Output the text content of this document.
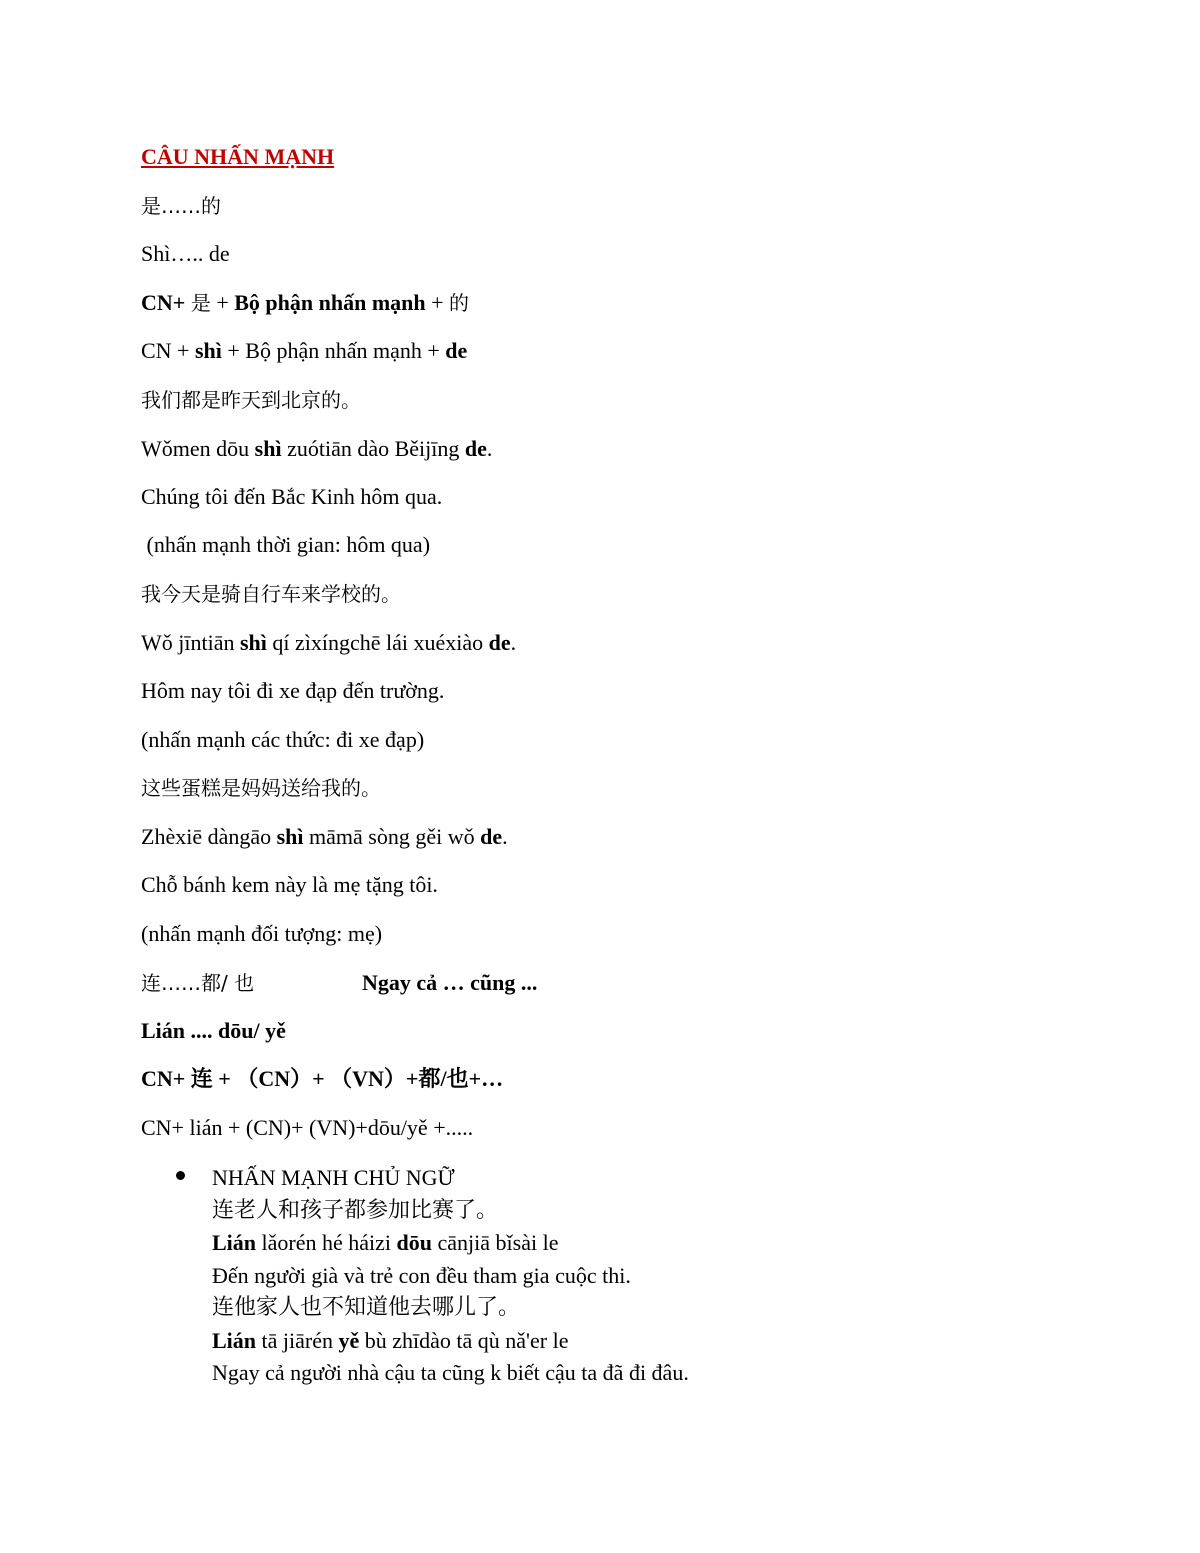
CÂU NHẤN MẠNH
是……的
Shì….. de
CN+ 是 + Bộ phận nhấn mạnh + 的
CN + shì + Bộ phận nhấn mạnh + de
我们都是昨天到北京的。
Wǒmen dōu shì zuótiān dào Běijīng de.
Chúng tôi đến Bắc Kinh hôm qua.
(nhấn mạnh thời gian: hôm qua)
我今天是骑自行车来学校的。
Wǒ jīntiān shì qí zìxíngchē lái xuéxiào de.
Hôm nay tôi đi xe đạp đến trường.
(nhấn mạnh các thức: đi xe đạp)
这些蛋糕是妈妈送给我的。
Zhèxiē dàngāo shì māmā sòng gěi wǒ de.
Chỗ bánh kem này là mẹ tặng tôi.
(nhấn mạnh đối tượng: mẹ)
连……都/ 也	Ngay cả … cũng ...
Lián .... dōu/ yě
CN+ 连 + （CN）+ （VN）+都/也+…
CN+ lián + (CN)+ (VN)+dōu/yě +.....
NHẤN MẠNH CHỦ NGỮ
连老人和孩子都参加比赛了。
Lián lǎorén hé háizi dōu cānjiā bǐsài le
Đến người già và trẻ con đều tham gia cuộc thi.
连他家人也不知道他去哪儿了。
Lián tā jiārén yě bù zhīdào tā qù nǎ'er le
Ngay cả người nhà cậu ta cũng k biết cậu ta đã đi đâu.
